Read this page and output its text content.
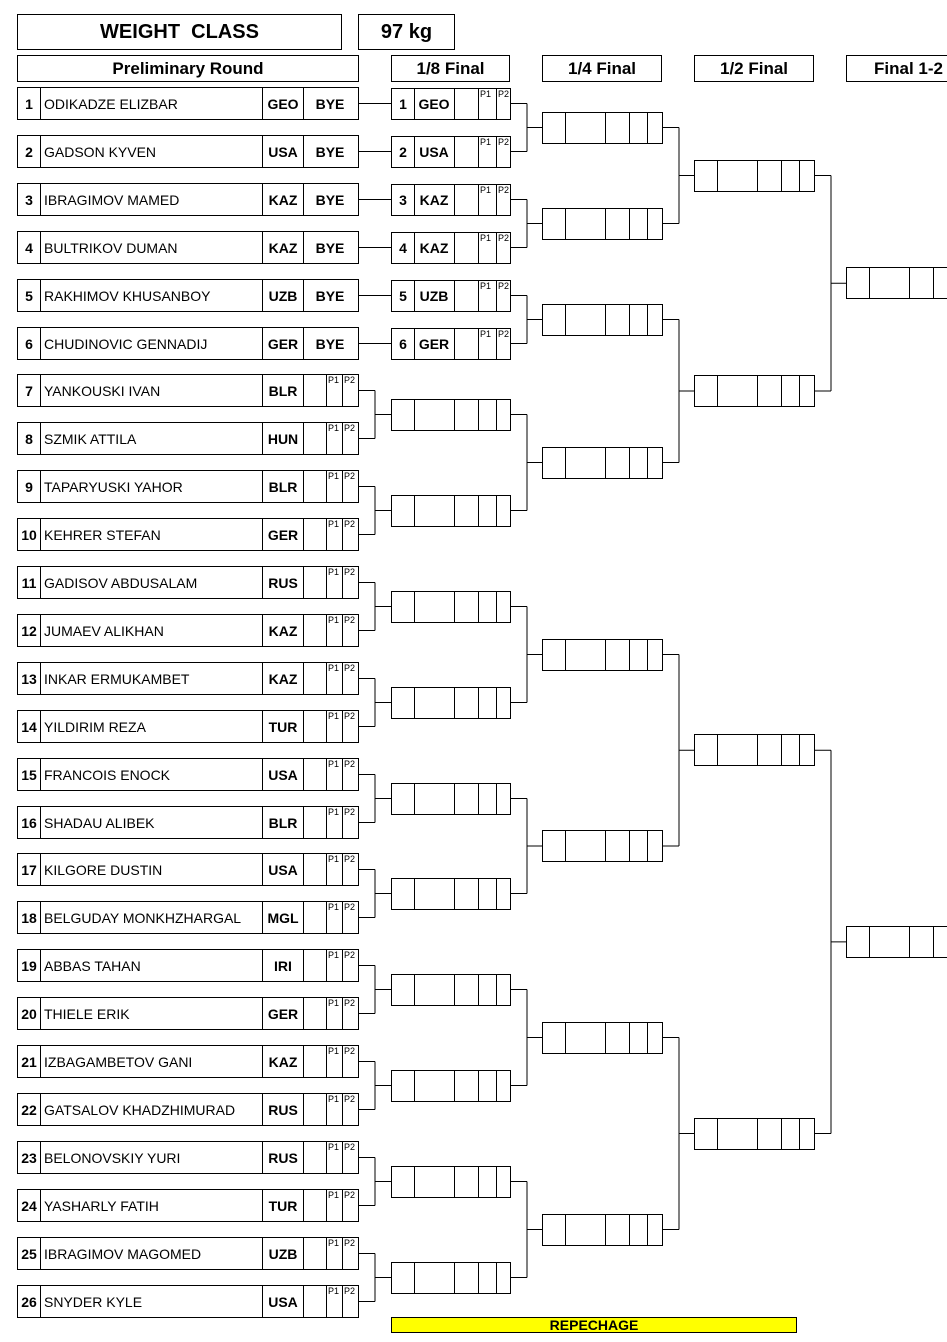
WEIGHT  CLASS	97 kg
Preliminary Round	1/8 Final	1/4 Final	1/2 Final	Final 1-2
1 ODIKADZE ELIZBAR	GEO	BYE
2 GADSON KYVEN	USA	BYE
3 IBRAGIMOV MAMED	KAZ	BYE
4 BULTRIKOV DUMAN	KAZ	BYE
5 RAKHIMOV KHUSANBOY	UZB	BYE
6 CHUDINOVIC GENNADIJ	GER	BYE
7 YANKOUSKI IVAN	BLR
P1 P2
8 SZMIK ATTILA	HUN
P1 P2
9 TAPARYUSKI YAHOR	BLR
P1 P2
10 KEHRER STEFAN	GER
P1 P2
11 GADISOV ABDUSALAM	RUS
P1 P2
12 JUMAEV ALIKHAN	KAZ
P1 P2
13 INKAR ERMUKAMBET	KAZ
P1 P2
14 YILDIRIM REZA	TUR
P1 P2
15 FRANCOIS ENOCK	USA
P1 P2
16 SHADAU ALIBEK	BLR
P1 P2
17 KILGORE DUSTIN	USA
P1 P2
18 BELGUDAY MONKHZHARGAL	MGL
P1 P2
19 ABBAS TAHAN	IRI
P1 P2
20 THIELE ERIK	GER
P1 P2
21 IZBAGAMBETOV GANI	KAZ
P1 P2
22 GATSALOV KHADZHIMURAD	RUS
P1 P2
23 BELONOVSKIY YURI	RUS
P1 P2
24 YASHARLY FATIH	TUR
P1 P2
25 IBRAGIMOV MAGOMED	UZB
P1 P2
26 SNYDER KYLE	USA
P1 P2
1 GEO
P1 P2
2 USA
P1 P2
3 KAZ
P1 P2
4 KAZ
P1 P2
5 UZB
P1 P2
6 GER
P1 P2
REPECHAGE
